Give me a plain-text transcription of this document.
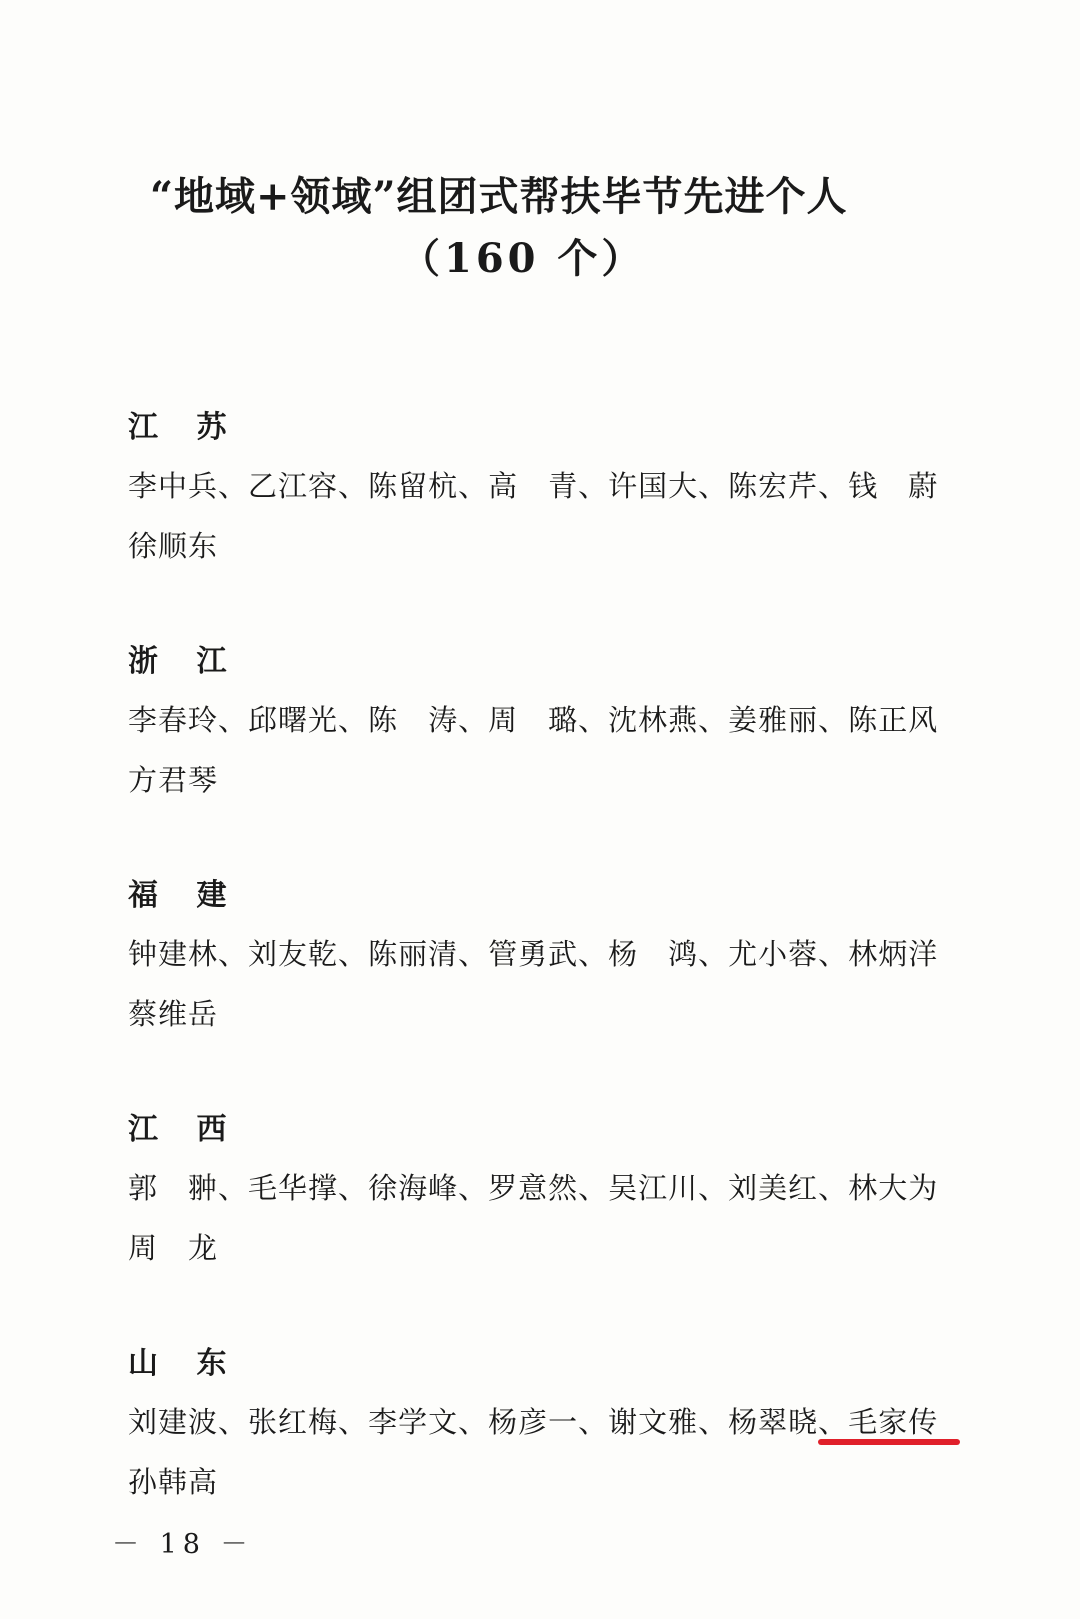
“地域+领域”组团式帮扶毕节先进个人
（160 个）
江 苏
李中兵、乙江容、陈留杭、高　青、许国大、陈宏芹、钱　蔚
徐顺东
浙 江
李春玲、邱曙光、陈　涛、周　璐、沈林燕、姜雅丽、陈正风
方君琴
福 建
钟建林、刘友乾、陈丽清、管勇武、杨　鸿、尤小蓉、林炳洋
蔡维岳
江 西
郭　翀、毛华撑、徐海峰、罗意然、吴江川、刘美红、林大为
周　龙
山 东
刘建波、张红梅、李学文、杨彦一、谢文雅、杨翠晓、毛家传
孙韩高
－ 18 －
